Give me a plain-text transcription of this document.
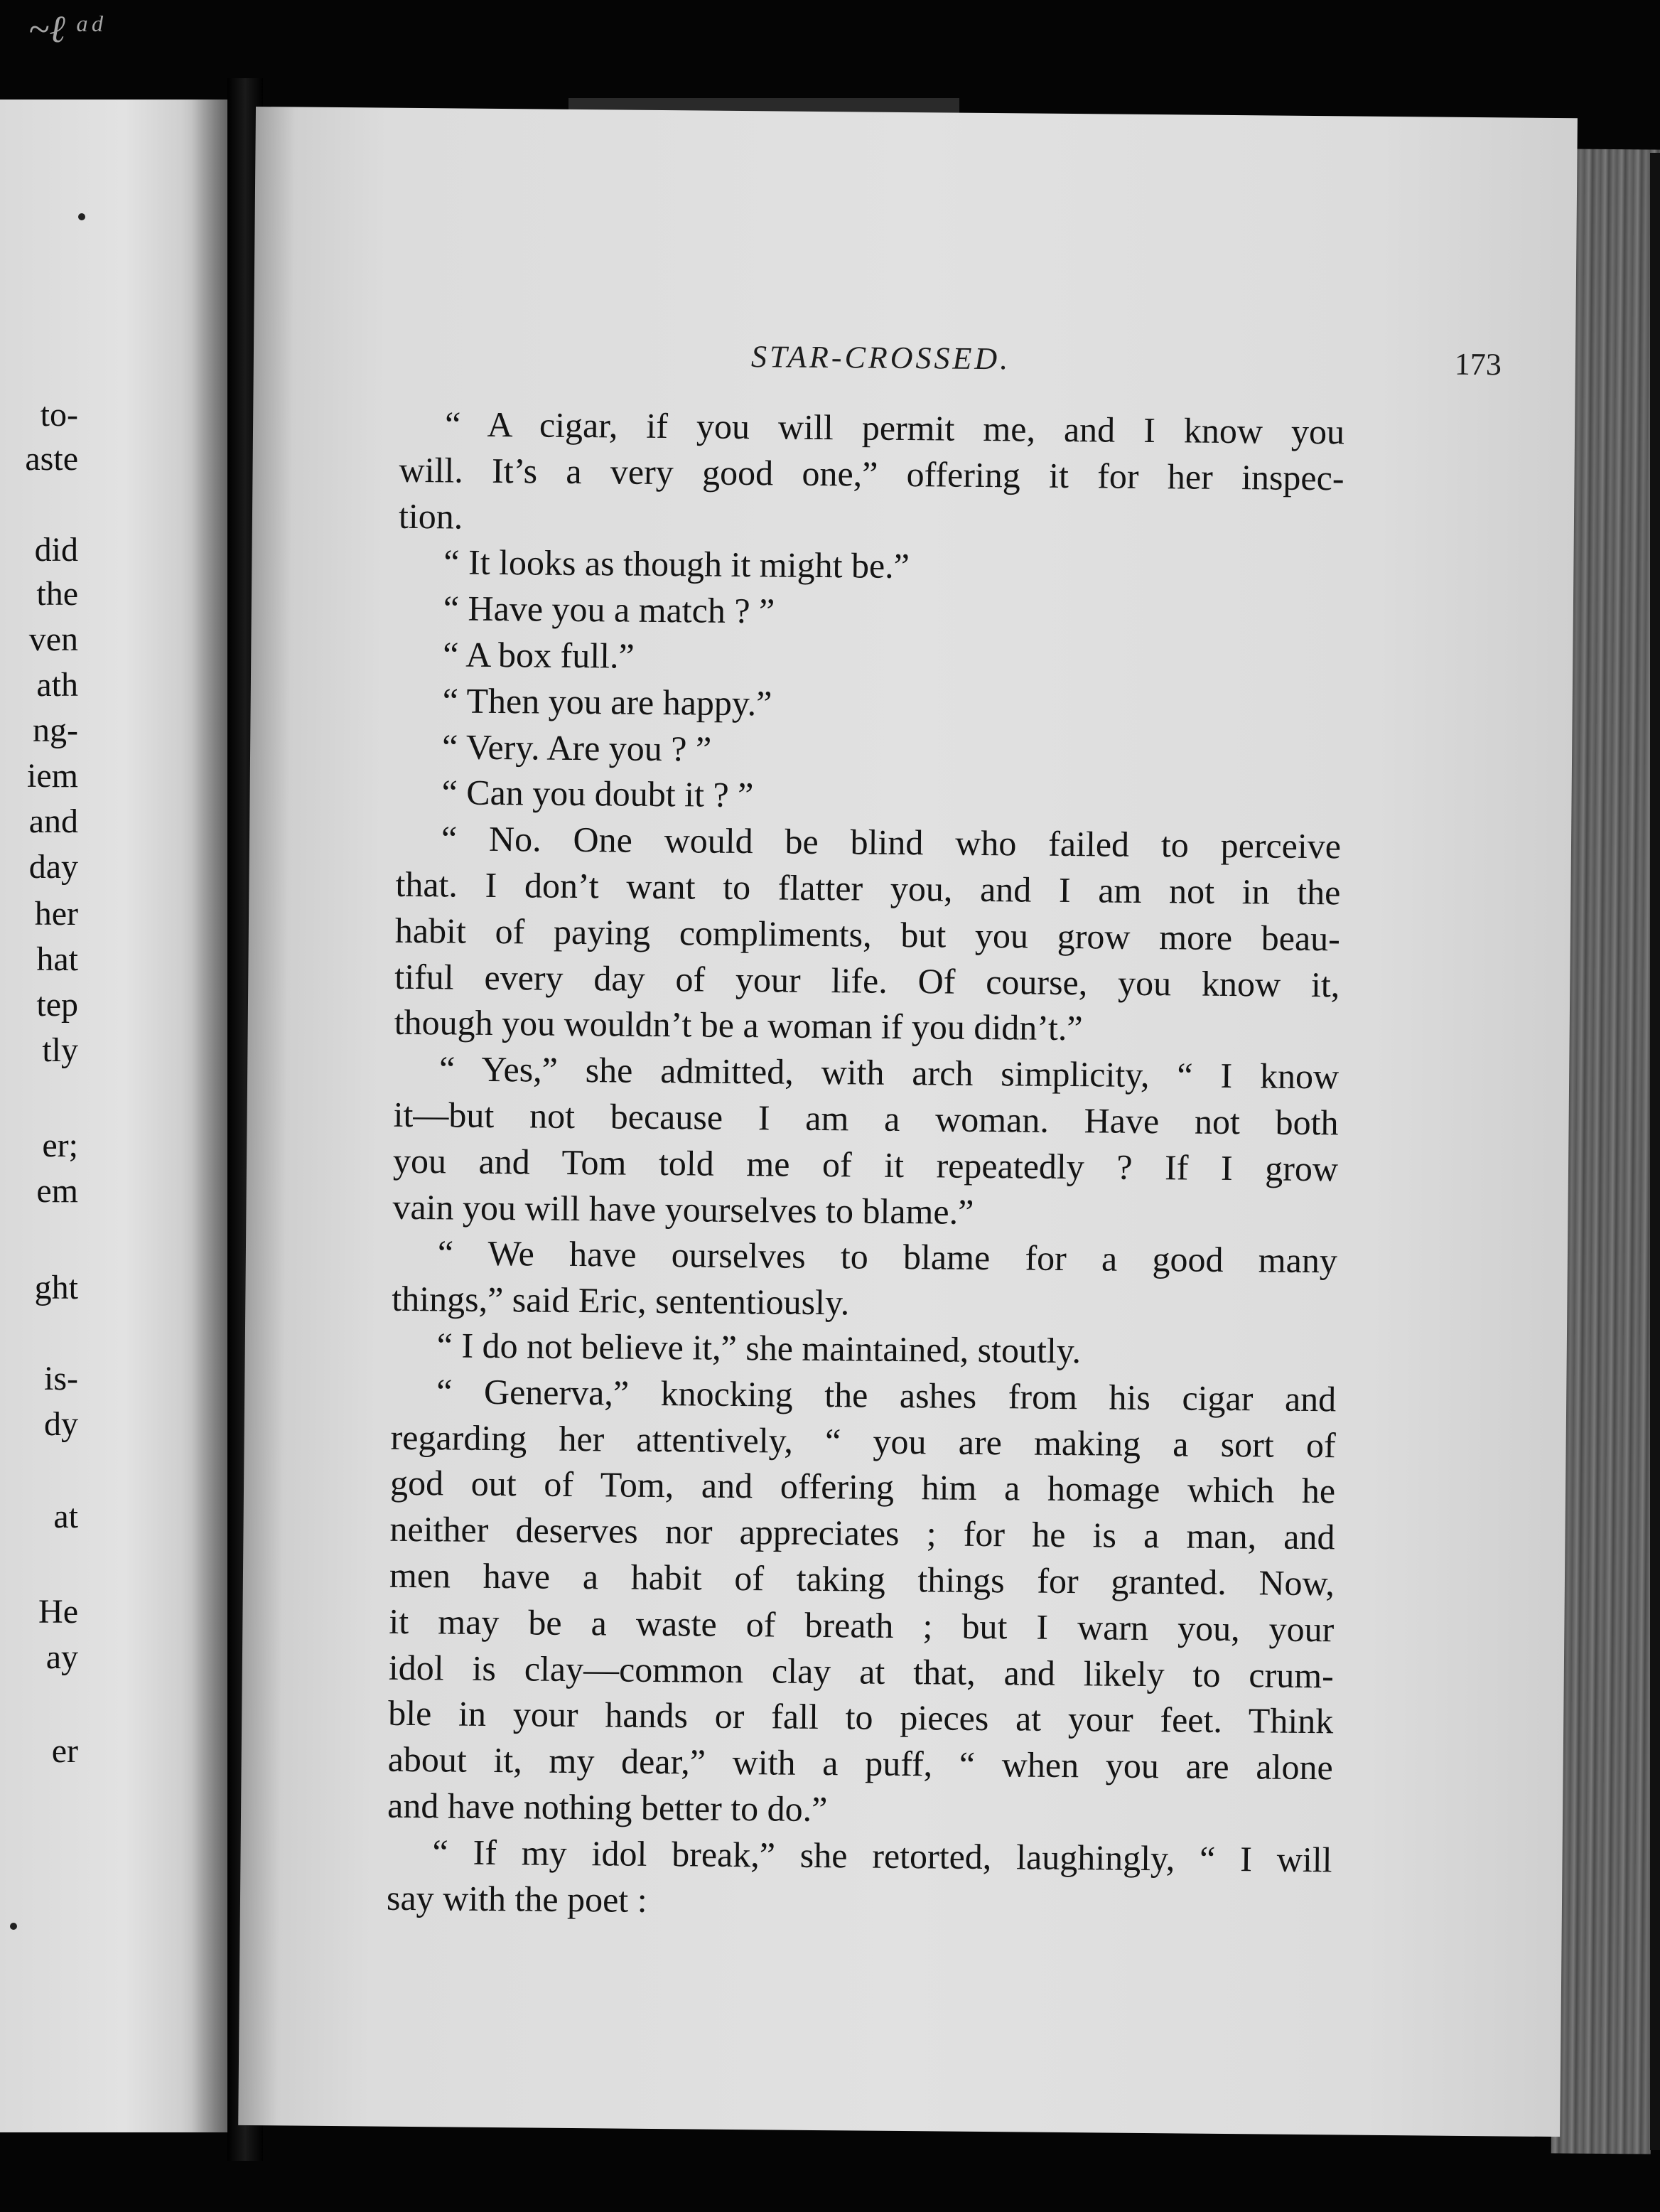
~ℓ ᵃᵈ
to-
aste
did
the
ven
ath
ng-
iem
and
day
her
hat
tep
tly
er;
em
ght
is-
dy
at
He
ay
er
STAR-CROSSED.	173
“ A cigar, if you will permit me, and I know you
will. It’s a very good one,” offering it for her inspec-
tion.
“ It looks as though it might be.”
“ Have you a match ? ”
“ A box full.”
“ Then you are happy.”
“ Very. Are you ? ”
“ Can you doubt it ? ”
“ No. One would be blind who failed to perceive
that. I don’t want to flatter you, and I am not in the
habit of paying compliments, but you grow more beau-
tiful every day of your life. Of course, you know it,
though you wouldn’t be a woman if you didn’t.”
“ Yes,” she admitted, with arch simplicity, “ I know
it—but not because I am a woman. Have not both
you and Tom told me of it repeatedly ? If I grow
vain you will have yourselves to blame.”
“ We have ourselves to blame for a good many
things,” said Eric, sententiously.
“ I do not believe it,” she maintained, stoutly.
“ Generva,” knocking the ashes from his cigar and
regarding her attentively, “ you are making a sort of
god out of Tom, and offering him a homage which he
neither deserves nor appreciates ; for he is a man, and
men have a habit of taking things for granted. Now,
it may be a waste of breath ; but I warn you, your
idol is clay—common clay at that, and likely to crum-
ble in your hands or fall to pieces at your feet. Think
about it, my dear,” with a puff, “ when you are alone
and have nothing better to do.”
“ If my idol break,” she retorted, laughingly, “ I will
say with the poet :
